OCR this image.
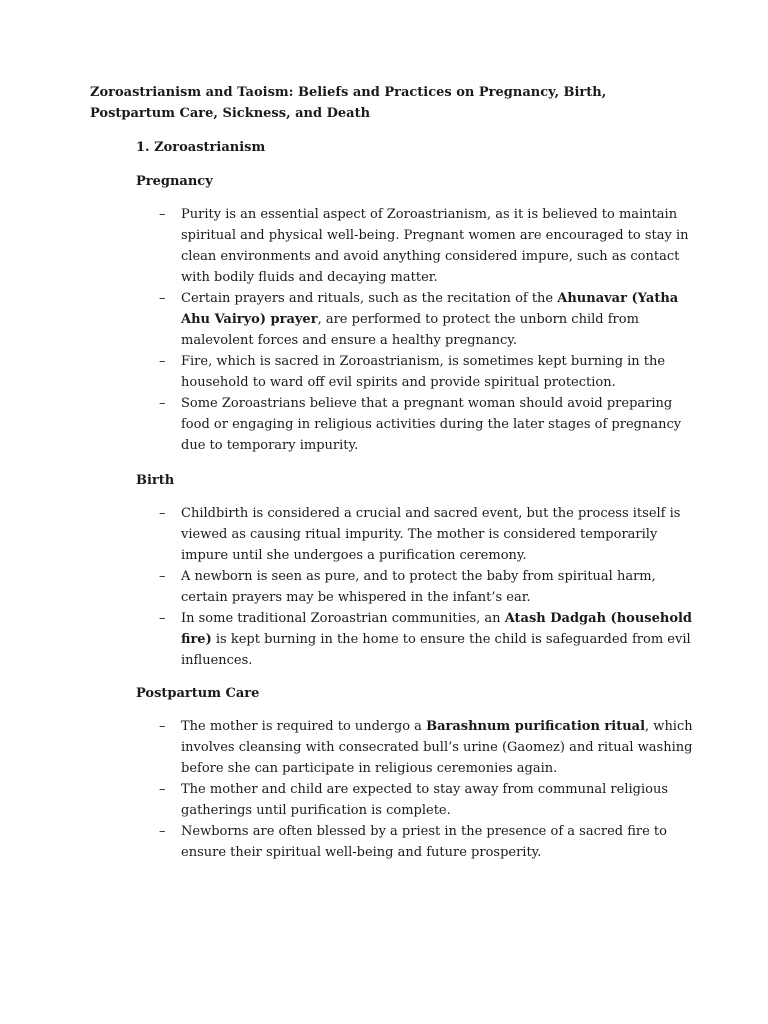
Zoroastrianism and Taoism: Beliefs and Practices on Pregnancy, Birth, Postpartum Care, Sickness, and Death
1. Zoroastrianism
Pregnancy
– Purity is an essential aspect of Zoroastrianism, as it is believed to maintain spiritual and physical well-being. Pregnant women are encouraged to stay in clean environments and avoid anything considered impure, such as contact with bodily fluids and decaying matter.
– Certain prayers and rituals, such as the recitation of the Ahunavar (Yatha Ahu Vairyo) prayer, are performed to protect the unborn child from malevolent forces and ensure a healthy pregnancy.
– Fire, which is sacred in Zoroastrianism, is sometimes kept burning in the household to ward off evil spirits and provide spiritual protection.
– Some Zoroastrians believe that a pregnant woman should avoid preparing food or engaging in religious activities during the later stages of pregnancy due to temporary impurity.
Birth
– Childbirth is considered a crucial and sacred event, but the process itself is viewed as causing ritual impurity. The mother is considered temporarily impure until she undergoes a purification ceremony.
– A newborn is seen as pure, and to protect the baby from spiritual harm, certain prayers may be whispered in the infant’s ear.
– In some traditional Zoroastrian communities, an Atash Dadgah (household fire) is kept burning in the home to ensure the child is safeguarded from evil influences.
Postpartum Care
– The mother is required to undergo a Barashnum purification ritual, which involves cleansing with consecrated bull’s urine (Gaomez) and ritual washing before she can participate in religious ceremonies again.
– The mother and child are expected to stay away from communal religious gatherings until purification is complete.
– Newborns are often blessed by a priest in the presence of a sacred fire to ensure their spiritual well-being and future prosperity.
